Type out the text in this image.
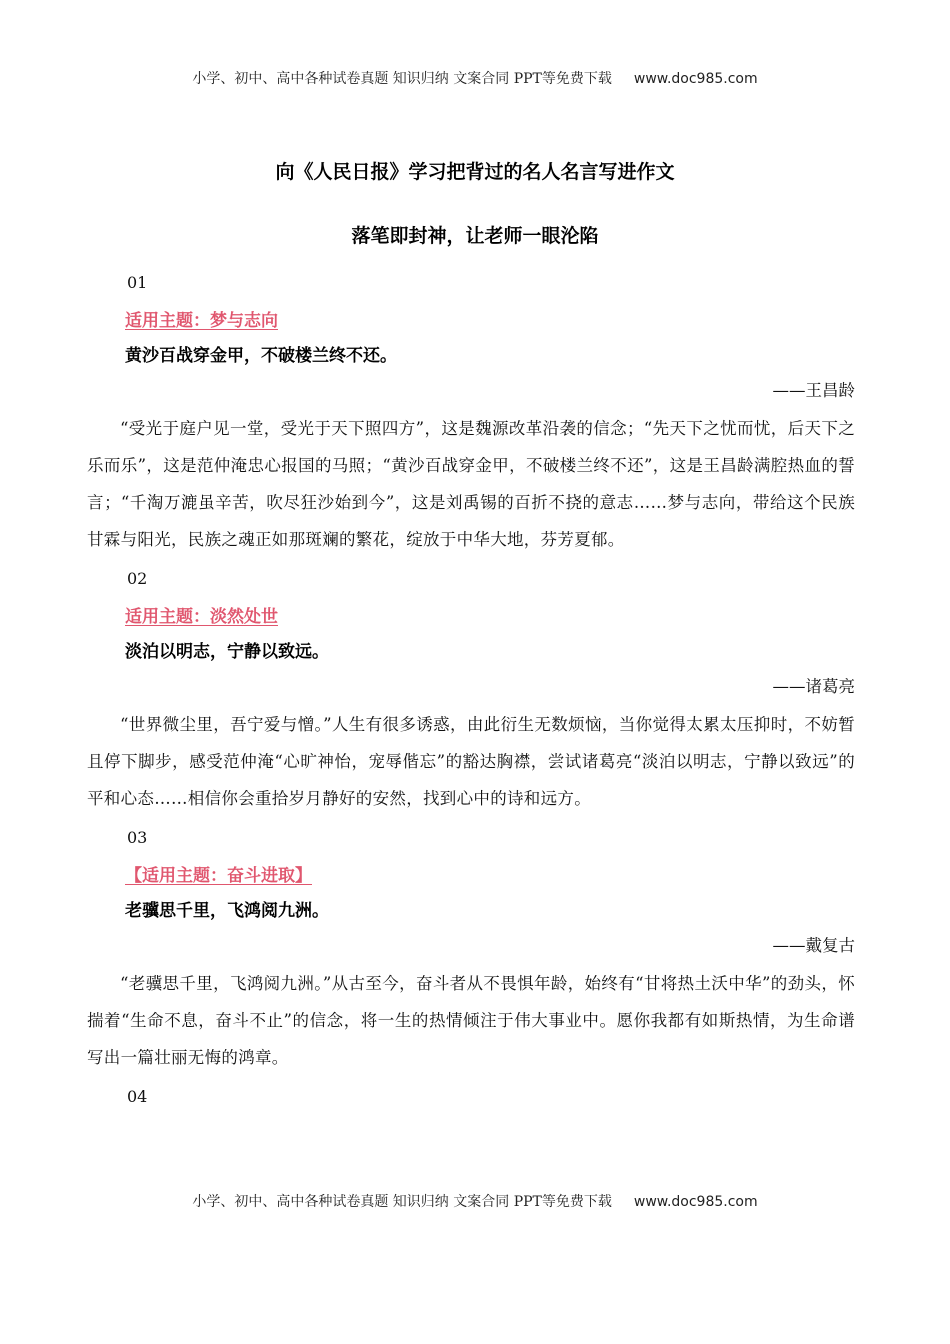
小学、初中、高中各种试卷真题 知识归纳 文案合同 PPT等免费下载 www.doc985.com
向《人民日报》学习把背过的名人名言写进作文
落笔即封神，让老师一眼沦陷
01
适用主题：梦与志向
黄沙百战穿金甲，不破楼兰终不还。
——王昌龄
“受光于庭户见一堂，受光于天下照四方”，这是魏源改革沿袭的信念；“先天下之忧而忧，后天下之乐而乐”，这是范仲淹忠心报国的马照；“黄沙百战穿金甲，不破楼兰终不还”，这是王昌龄满腔热血的誓言；“千淘万漉虽辛苦，吹尽狂沙始到今”，这是刘禹锡的百折不挠的意志……梦与志向，带给这个民族甘霖与阳光，民族之魂正如那斑斓的繁花，绽放于中华大地，芬芳夏郁。
02
适用主题：淡然处世
淡泊以明志，宁静以致远。
——诸葛亮
“世界微尘里，吾宁爱与憎。”人生有很多诱惑，由此衍生无数烦恼，当你觉得太累太压抑时，不妨暂且停下脚步，感受范仲淹“心旷神怡，宠辱偕忘”的豁达胸襟，尝试诸葛亮“淡泊以明志，宁静以致远”的平和心态……相信你会重拾岁月静好的安然，找到心中的诗和远方。
03
【适用主题：奋斗进取】
老骥思千里，飞鸿阅九洲。
——戴复古
“老骥思千里，飞鸿阅九洲。”从古至今，奋斗者从不畏惧年龄，始终有“甘将热土沃中华”的劲头，怀揣着“生命不息，奋斗不止”的信念，将一生的热情倾注于伟大事业中。愿你我都有如斯热情，为生命谱写出一篇壮丽无悔的鸿章。
04
小学、初中、高中各种试卷真题 知识归纳 文案合同 PPT等免费下载 www.doc985.com
